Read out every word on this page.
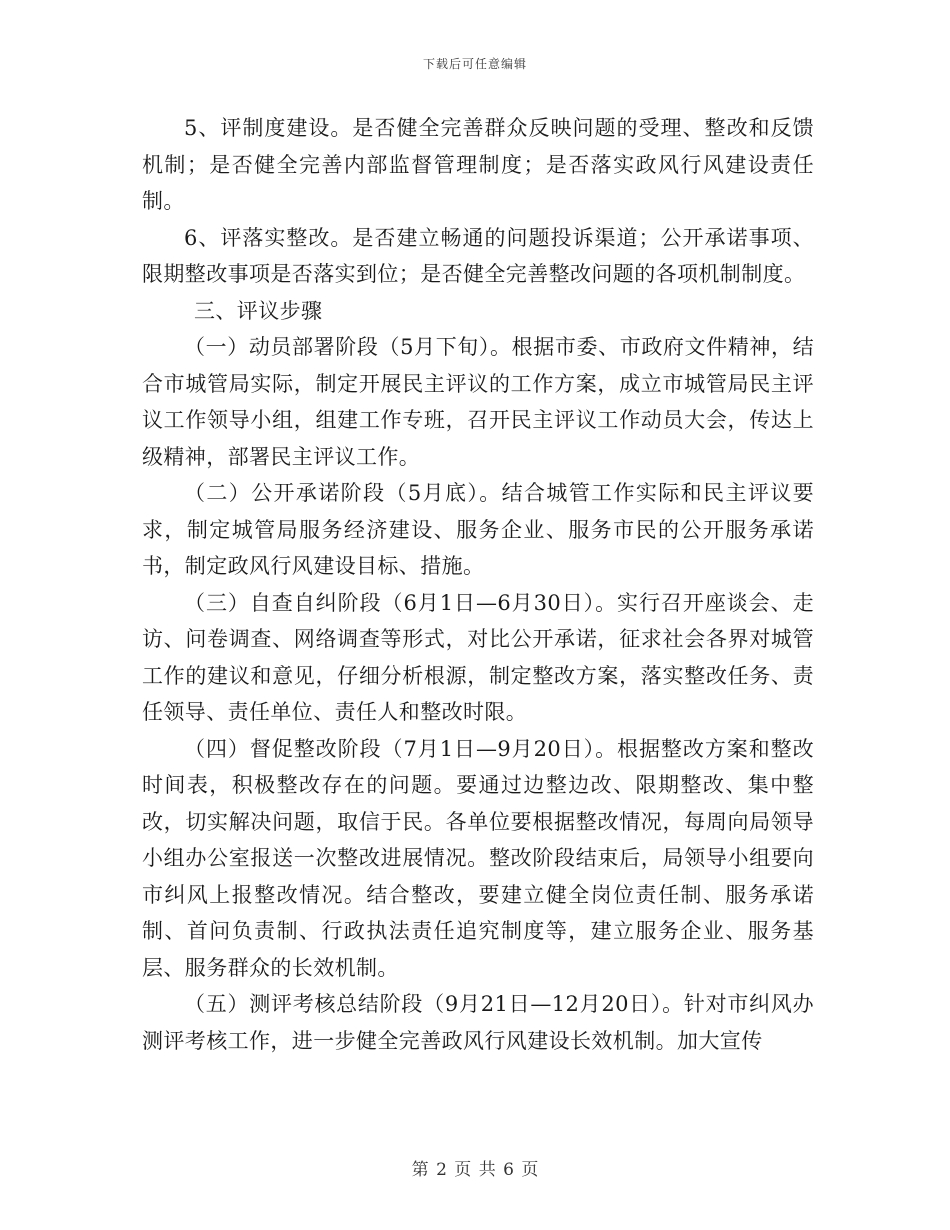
下载后可任意编辑

5、评制度建设。是否健全完善群众反映问题的受理、整改和反馈机制；是否健全完善内部监督管理制度；是否落实政风行风建设责任制。

6、评落实整改。是否建立畅通的问题投诉渠道；公开承诺事项、限期整改事项是否落实到位；是否健全完善整改问题的各项机制制度。

三、评议步骤

（一）动员部署阶段（5月下旬）。根据市委、市政府文件精神，结合市城管局实际，制定开展民主评议的工作方案，成立市城管局民主评议工作领导小组，组建工作专班，召开民主评议工作动员大会，传达上级精神，部署民主评议工作。

（二）公开承诺阶段（5月底）。结合城管工作实际和民主评议要求，制定城管局服务经济建设、服务企业、服务市民的公开服务承诺书，制定政风行风建设目标、措施。

（三）自查自纠阶段（6月1日—6月30日）。实行召开座谈会、走访、问卷调查、网络调查等形式，对比公开承诺，征求社会各界对城管工作的建议和意见，仔细分析根源，制定整改方案，落实整改任务、责任领导、责任单位、责任人和整改时限。

（四）督促整改阶段（7月1日—9月20日）。根据整改方案和整改时间表，积极整改存在的问题。要通过边整边改、限期整改、集中整改，切实解决问题，取信于民。各单位要根据整改情况，每周向局领导小组办公室报送一次整改进展情况。整改阶段结束后，局领导小组要向市纠风上报整改情况。结合整改，要建立健全岗位责任制、服务承诺制、首问负责制、行政执法责任追究制度等，建立服务企业、服务基层、服务群众的长效机制。

（五）测评考核总结阶段（9月21日—12月20日）。针对市纠风办测评考核工作，进一步健全完善政风行风建设长效机制。加大宣传

第 2 页 共 6 页
